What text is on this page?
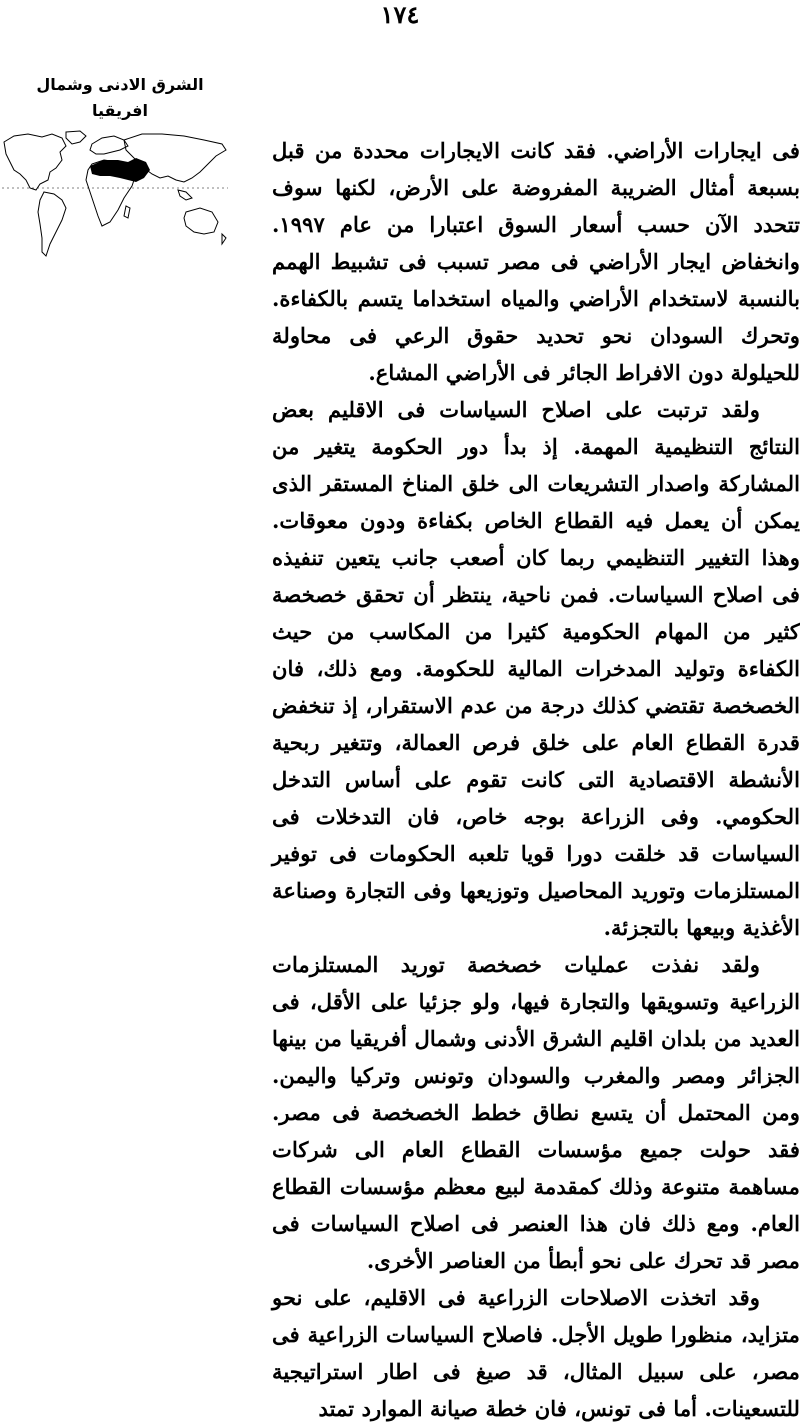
١٧٤
الشرق الادنى وشمال
افريقيا

فى ايجارات الأراضي. فقد كانت الايجارات محددة من قبل بسبعة أمثال الضريبة المفروضة على الأرض، لكنها سوف تتحدد الآن حسب أسعار السوق اعتبارا من عام ١٩٩٧. وانخفاض ايجار الأراضي فى مصر تسبب فى تشبيط الهمم بالنسبة لاستخدام الأراضي والمياه استخداما يتسم بالكفاءة. وتحرك السودان نحو تحديد حقوق الرعي فى محاولة للحيلولة دون الافراط الجائر فى الأراضي المشاع.

ولقد ترتبت على اصلاح السياسات فى الاقليم بعض النتائج التنظيمية المهمة. إذ بدأ دور الحكومة يتغير من المشاركة واصدار التشريعات الى خلق المناخ المستقر الذى يمكن أن يعمل فيه القطاع الخاص بكفاءة ودون معوقات. وهذا التغيير التنظيمي ربما كان أصعب جانب يتعين تنفيذه فى اصلاح السياسات. فمن ناحية، ينتظر أن تحقق خصخصة كثير من المهام الحكومية كثيرا من المكاسب من حيث الكفاءة وتوليد المدخرات المالية للحكومة. ومع ذلك، فان الخصخصة تقتضي كذلك درجة من عدم الاستقرار، إذ تنخفض قدرة القطاع العام على خلق فرص العمالة، وتتغير ربحية الأنشطة الاقتصادية التى كانت تقوم على أساس التدخل الحكومي. وفى الزراعة بوجه خاص، فان التدخلات فى السياسات قد خلقت دورا قويا تلعبه الحكومات فى توفير المستلزمات وتوريد المحاصيل وتوزيعها وفى التجارة وصناعة الأغذية وبيعها بالتجزئة.

ولقد نفذت عمليات خصخصة توريد المستلزمات الزراعية وتسويقها والتجارة فيها، ولو جزئيا على الأقل، فى العديد من بلدان اقليم الشرق الأدنى وشمال أفريقيا من بينها الجزائر ومصر والمغرب والسودان وتونس وتركيا واليمن. ومن المحتمل أن يتسع نطاق خطط الخصخصة فى مصر. فقد حولت جميع مؤسسات القطاع العام الى شركات مساهمة متنوعة وذلك كمقدمة لبيع معظم مؤسسات القطاع العام. ومع ذلك فان هذا العنصر فى اصلاح السياسات فى مصر قد تحرك على نحو أبطأ من العناصر الأخرى.

وقد اتخذت الاصلاحات الزراعية فى الاقليم، على نحو متزايد، منظورا طويل الأجل. فاصلاح السياسات الزراعية فى مصر، على سبيل المثال، قد صيغ فى اطار استراتيجية للتسعينات. أما فى تونس، فان خطة صيانة الموارد تمتد
